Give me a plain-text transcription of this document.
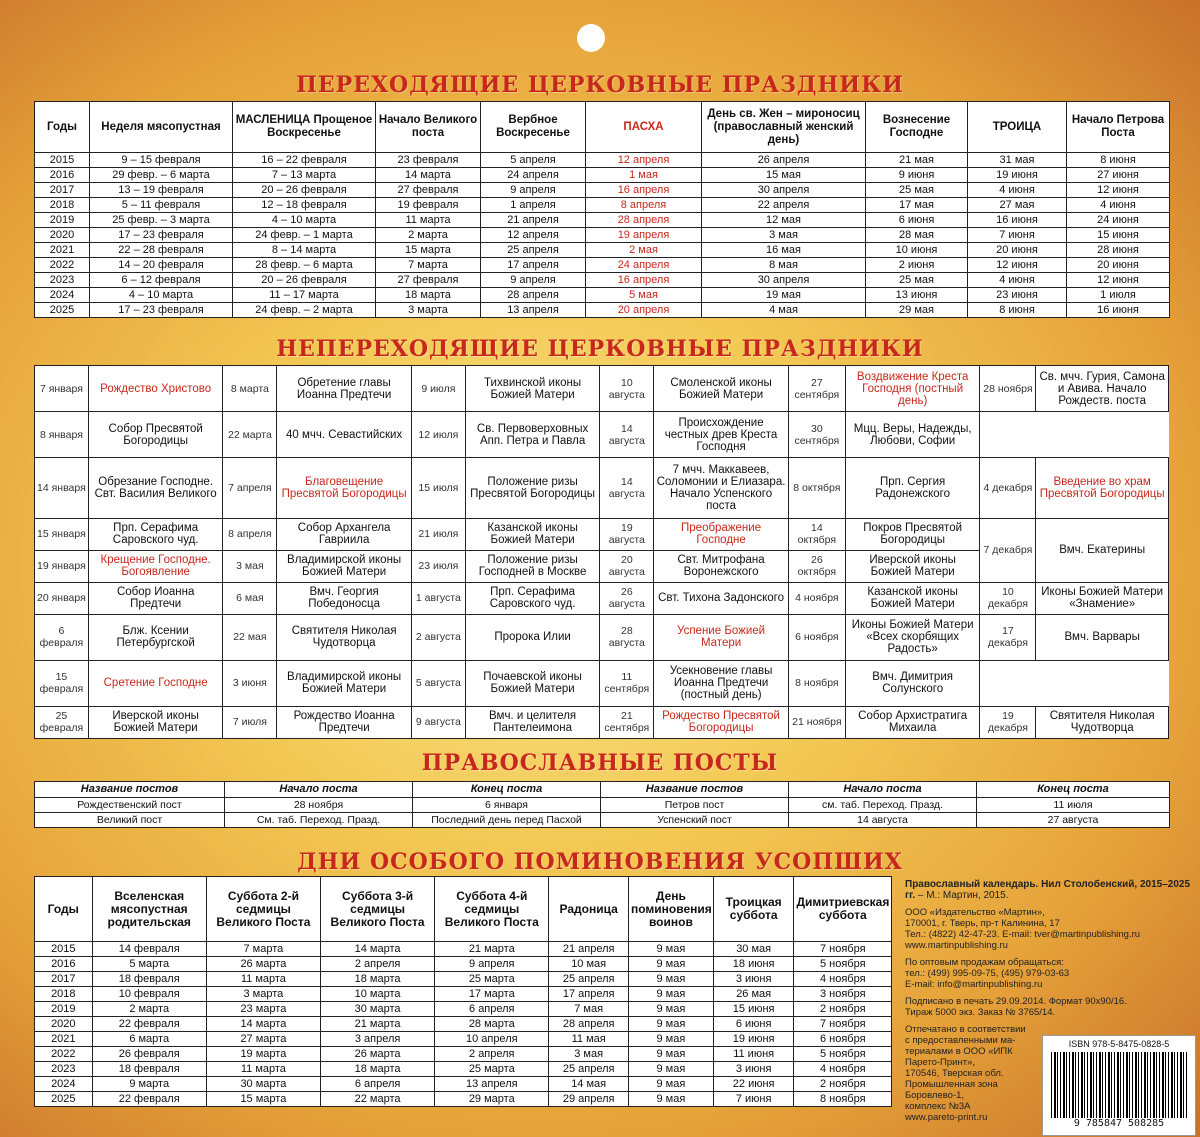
ПЕРЕХОДЯЩИЕ ЦЕРКОВНЫЕ ПРАЗДНИКИ
Годы	Неделя мясопустная	МАСЛЕНИЦА Прощеное Воскресенье	Начало Великого поста	Вербное Воскресенье	ПАСХА	День св. Жен – мироносиц (православный женский день)	Вознесение Господне	ТРОИЦА	Начало Петрова Поста
2015	9 – 15 февраля	16 – 22 февраля	23 февраля	5 апреля	12 апреля	26 апреля	21 мая	31 мая	8 июня
2016	29 февр. – 6 марта	7 – 13 марта	14 марта	24 апреля	1 мая	15 мая	9 июня	19 июня	27 июня
2017	13 – 19 февраля	20 – 26 февраля	27 февраля	9 апреля	16 апреля	30 апреля	25 мая	4 июня	12 июня
2018	5 – 11 февраля	12 – 18 февраля	19 февраля	1 апреля	8 апреля	22 апреля	17 мая	27 мая	4 июня
2019	25 февр. – 3 марта	4 – 10 марта	11 марта	21 апреля	28 апреля	12 мая	6 июня	16 июня	24 июня
2020	17 – 23 февраля	24 февр. – 1 марта	2 марта	12 апреля	19 апреля	3 мая	28 мая	7 июня	15 июня
2021	22 – 28 февраля	8 – 14 марта	15 марта	25 апреля	2 мая	16 мая	10 июня	20 июня	28 июня
2022	14 – 20 февраля	28 февр. – 6 марта	7 марта	17 апреля	24 апреля	8 мая	2 июня	12 июня	20 июня
2023	6 – 12 февраля	20 – 26 февраля	27 февраля	9 апреля	16 апреля	30 апреля	25 мая	4 июня	12 июня
2024	4 – 10 марта	11 – 17 марта	18 марта	28 апреля	5 мая	19 мая	13 июня	23 июня	1 июля
2025	17 – 23 февраля	24 февр. – 2 марта	3 марта	13 апреля	20 апреля	4 мая	29 мая	8 июня	16 июня
НЕПЕРЕХОДЯЩИЕ ЦЕРКОВНЫЕ ПРАЗДНИКИ
7 января	Рождество Христово	8 марта	Обретение главы Иоанна Предтечи	9 июля	Тихвинской иконы Божией Матери	10 августа	Смоленской иконы Божией Матери	27 сентября	Воздвижение Креста Господня (постный день)	28 ноября	Св. мчч. Гурия, Самона и Авива. Начало Рождеств. поста
8 января	Собор Пресвятой Богородицы	22 марта	40 мчч. Севастийских	12 июля	Св. Первоверховных Апп. Петра и Павла	14 августа	Происхождение честных древ Креста Господня	30 сентября	Мцц. Веры, Надежды, Любови, Софии		
14 января	Обрезание Господне. Свт. Василия Великого	7 апреля	Благовещение Пресвятой Богородицы	15 июля	Положение ризы Пресвятой Богородицы	14 августа	7 мчч. Маккавеев, Соломонии и Елиазара. Начало Успенского поста	8 октября	Прп. Сергия Радонежского	4 декабря	Введение во храм Пресвятой Богородицы
15 января	Прп. Серафима Саровского чуд.	8 апреля	Собор Архангела Гавриила	21 июля	Казанской иконы Божией Матери	19 августа	Преображение Господне	14 октября	Покров Пресвятой Богородицы	7 декабря	Вмч. Екатерины
19 января	Крещение Господне. Богоявление	3 мая	Владимирской иконы Божией Матери	23 июля	Положение ризы Господней в Москве	20 августа	Свт. Митрофана Воронежского	26 октября	Иверской иконы Божией Матери		
20 января	Собор Иоанна Предтечи	6 мая	Вмч. Георгия Победоносца	1 августа	Прп. Серафима Саровского чуд.	26 августа	Свт. Тихона Задонского	4 ноября	Казанской иконы Божией Матери	10 декабря	Иконы Божией Матери «Знамение»
6 февраля	Блж. Ксении Петербургской	22 мая	Святителя Николая Чудотворца	2 августа	Пророка Илии	28 августа	Успение Божией Матери	6 ноября	Иконы Божией Матери «Всех скорбящих Радость»	17 декабря	Вмч. Варвары
15 февраля	Сретение Господне	3 июня	Владимирской иконы Божией Матери	5 августа	Почаевской иконы Божией Матери	11 сентября	Усекновение главы Иоанна Предтечи (постный день)	8 ноября	Вмч. Димитрия Солунского		
25 февраля	Иверской иконы Божией Матери	7 июля	Рождество Иоанна Предтечи	9 августа	Вмч. и целителя Пантелеимона	21 сентября	Рождество Пресвятой Богородицы	21 ноября	Собор Архистратига Михаила	19 декабря	Святителя Николая Чудотворца
ПРАВОСЛАВНЫЕ ПОСТЫ
Название постов	Начало поста	Конец поста	Название постов	Начало поста	Конец поста
Рождественский пост	28 ноября	6 января	Петров пост	см. таб. Переход. Празд.	11 июля
Великий пост	См. таб. Переход. Празд.	Последний день перед Пасхой	Успенский пост	14 августа	27 августа
ДНИ ОСОБОГО ПОМИНОВЕНИЯ УСОПШИХ
Годы	Вселенская мясопустная родительская	Суббота 2-й седмицы Великого Поста	Суббота 3-й седмицы Великого Поста	Суббота 4-й седмицы Великого Поста	Радоница	День поминовения воинов	Троицкая суббота	Димитриевская суббота
2015	14 февраля	7 марта	14 марта	21 марта	21 апреля	9 мая	30 мая	7 ноября
2016	5 марта	26 марта	2 апреля	9 апреля	10 мая	9 мая	18 июня	5 ноября
2017	18 февраля	11 марта	18 марта	25 марта	25 апреля	9 мая	3 июня	4 ноября
2018	10 февраля	3 марта	10 марта	17 марта	17 апреля	9 мая	26 мая	3 ноября
2019	2 марта	23 марта	30 марта	6 апреля	7 мая	9 мая	15 июня	2 ноября
2020	22 февраля	14 марта	21 марта	28 марта	28 апреля	9 мая	6 июня	7 ноября
2021	6 марта	27 марта	3 апреля	10 апреля	11 мая	9 мая	19 июня	6 ноября
2022	26 февраля	19 марта	26 марта	2 апреля	3 мая	9 мая	11 июня	5 ноября
2023	18 февраля	11 марта	18 марта	25 марта	25 апреля	9 мая	3 июня	4 ноября
2024	9 марта	30 марта	6 апреля	13 апреля	14 мая	9 мая	22 июня	2 ноября
2025	22 февраля	15 марта	22 марта	29 марта	29 апреля	9 мая	7 июня	8 ноября

Православный календарь. Нил Столобенский, 2015–2025 гг. – М.: Мартин, 2015.

ООО «Издательство «Мартин»,
170001, г. Тверь, пр-т Калинина, 17
Тел.: (4822) 42-47-23. E-mail: tver@martinpublishing.ru
www.martinpublishing.ru

По оптовым продажам обращаться:
тел.: (499) 995-09-75, (495) 979-03-63
E-mail: info@martinpublishing.ru

Подписано в печать 29.09.2014. Формат 90х90/16.
Тираж 5000 экз. Заказ № 3765/14.

Отпечатано в соответствии с предоставленными ма-
териалами в ООО «ИПК
Парето-Принт»,
170546, Тверская обл.
Промышленная зона
Боровлево-1,
комплекс №3А
www.pareto-print.ru

ISBN 978-5-8475-0828-5
9 785847 508285
